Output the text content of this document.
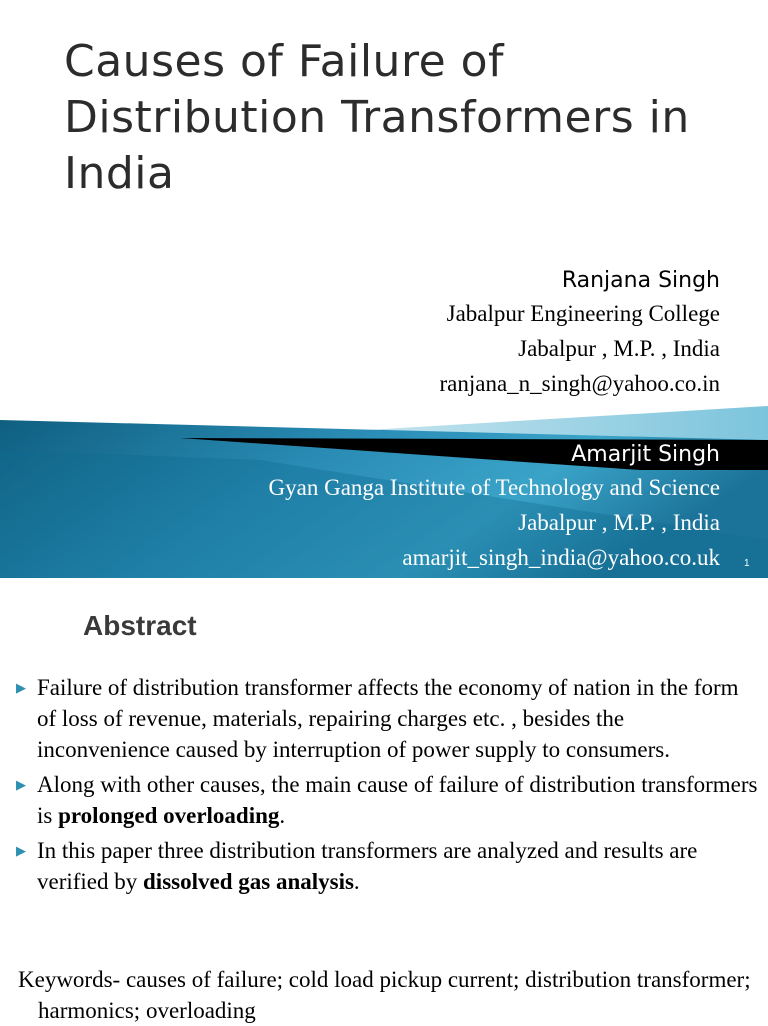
Causes of Failure of Distribution Transformers in India
Ranjana Singh
Jabalpur Engineering College
Jabalpur , M.P. , India
ranjana_n_singh@yahoo.co.in
Amarjit Singh
Gyan Ganga Institute of Technology and Science
Jabalpur , M.P. , India
amarjit_singh_india@yahoo.co.uk 1
Abstract
▶ Failure of distribution transformer affects the economy of nation in the form of loss of revenue, materials, repairing charges etc. , besides the inconvenience caused by interruption of power supply to consumers.
▶ Along with other causes, the main cause of failure of distribution transformers is prolonged overloading.
▶ In this paper three distribution transformers are analyzed and results are verified by dissolved gas analysis.

Keywords- causes of failure; cold load pickup current; distribution transformer; harmonics; overloading
